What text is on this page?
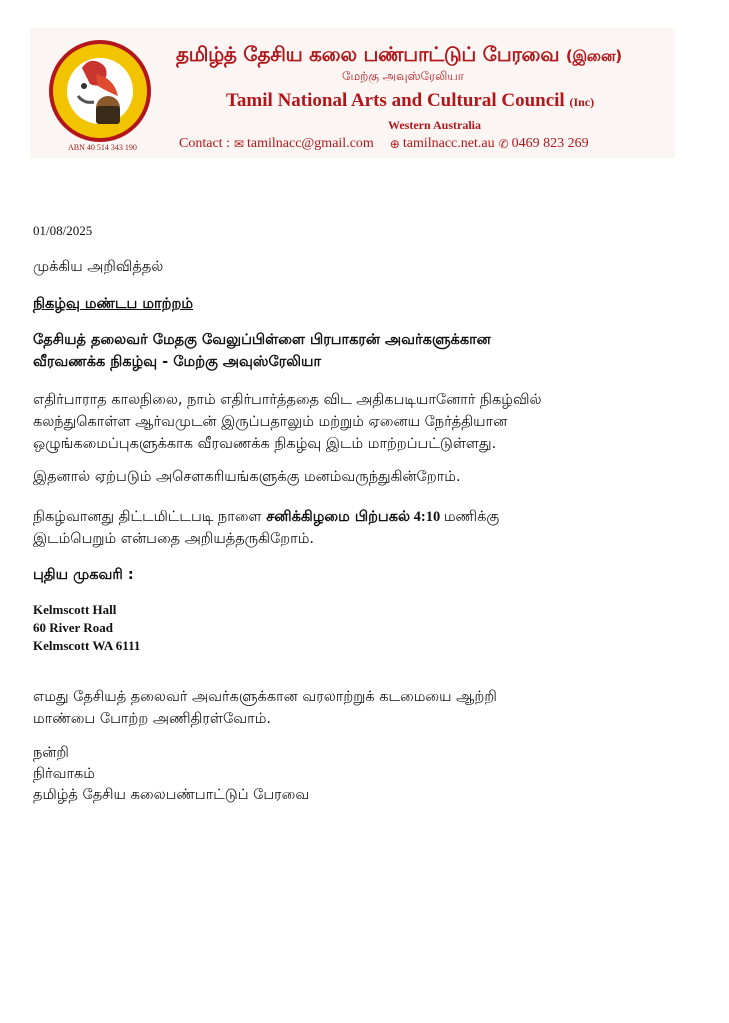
ABN 40 514 343 190
தமிழ்த் தேசிய கலை பண்பாட்டுப் பேரவை (இனை)
மேற்கு அவுஸ்ரேலியா
Tamil National Arts and Cultural Council (Inc)
Western Australia
Contact : ✉ tamilnacc@gmail.com ⊕ tamilnacc.net.au ✆ 0469 823 269
01/08/2025
முக்கிய அறிவித்தல்
நிகழ்வு மண்டப மாற்றம்
தேசியத் தலைவர் மேதகு வேலுப்பிள்ளை பிரபாகரன் அவர்களுக்கான
வீரவணக்க நிகழ்வு - மேற்கு அவுஸ்ரேலியா
எதிர்பாராத காலநிலை, நாம் எதிர்பார்த்ததை விட அதிகபடியானோர் நிகழ்வில்
கலந்துகொள்ள ஆர்வமுடன் இருப்பதாலும் மற்றும் ஏனைய நேர்த்தியான
ஒழுங்கமைப்புகளுக்காக வீரவணக்க நிகழ்வு இடம் மாற்றப்பட்டுள்ளது.
இதனால் ஏற்படும் அசௌகரியங்களுக்கு மனம்வருந்துகின்றோம்.
நிகழ்வானது திட்டமிட்டபடி நாளை சனிக்கிழமை பிற்பகல் 4:10 மணிக்கு
இடம்பெறும் என்பதை அறியத்தருகிறோம்.
புதிய முகவரி :
Kelmscott Hall
60 River Road
Kelmscott WA 6111
எமது தேசியத் தலைவர் அவர்களுக்கான வரலாற்றுக் கடமையை ஆற்றி
மாண்பை போற்ற அணிதிரள்வோம்.
நன்றி
நிர்வாகம்
தமிழ்த் தேசிய கலைபண்பாட்டுப் பேரவை
